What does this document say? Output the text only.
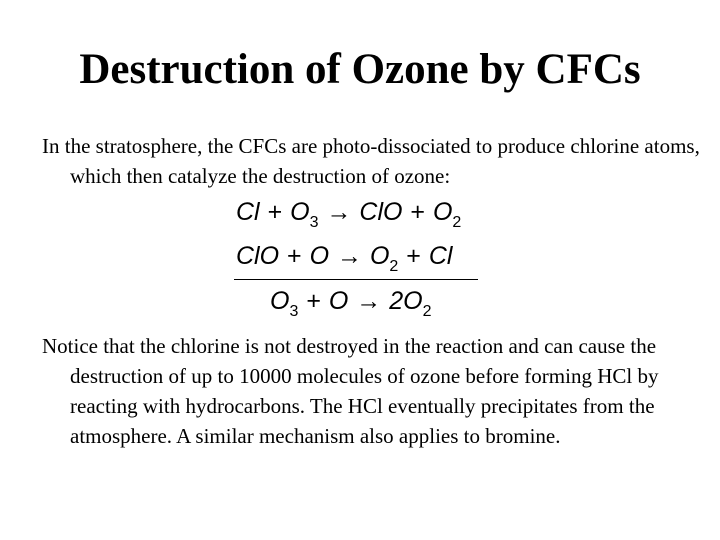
Destruction of Ozone by CFCs
In the stratosphere, the CFCs are photo-dissociated to produce chlorine atoms, which then catalyze the destruction of ozone:
$Cl + O_3$ → ClO + $O_2$
ClO + $O \to O_2 + Cl$
$O_3 + O \to 2O_2$
Notice that the chlorine is not destroyed in the reaction and can cause the destruction of up to 10000 molecules of ozone before forming HCl by reacting with hydrocarbons. The HCl eventually precipitates from the atmosphere. A similar mechanism also applies to bromine.
